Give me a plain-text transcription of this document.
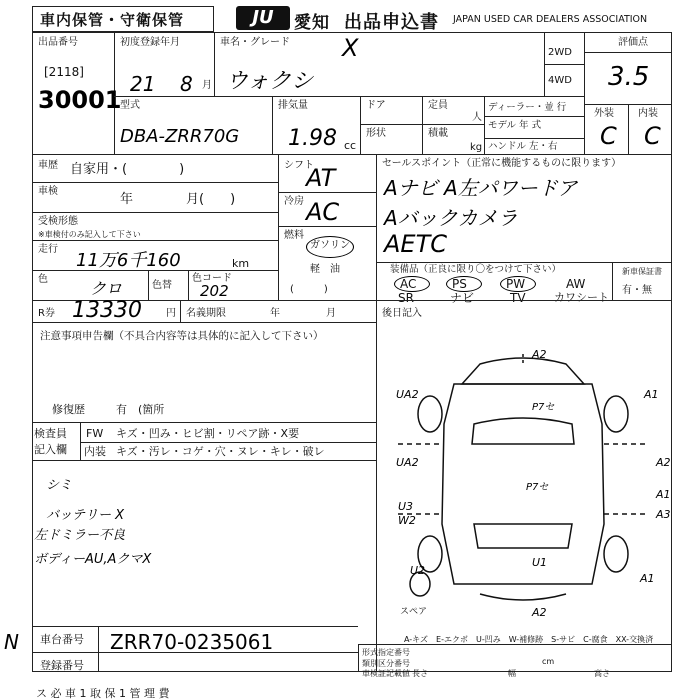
車内保管・守衛保管	JU	愛知 出品申込書 JAPAN USED CAR DEALERS ASSOCIATION
出品番号
[2118]
30001
初度登録年月
21 8 月
車名・グレード X
ウォクシ
2WD
4WD
評価点
3.5
外装 内装
C C
型式
DBA-ZRR70G
排気量
1.98 cc
ドア
形状
定員
人
積載
kg
ディーラー・並 行
モデル 年 式
ハンドル 左・右
車歴 自家用・(　　　　)
車検
年	月(　　)
受検形態
※車検付のみ記入して下さい
走行
11万6千160	km
色	クロ	色替
色コード
202
シフト
AT
冷房 AC
燃料
ガソリン
軽　油
(　　　)
セールスポイント（正常に機能するものに限ります）
Aナビ A左パワードア
Aバックカメラ
AETC
装備品（正良に限り〇をつけて下さい）	新車保証書
有・無
AC	PS	PW	AW
SR	ナビ	TV	カワシート
R券 13330 円 名義期限	年	月	後日記入
注意事項申告欄（不具合内容等は具体的に記入して下さい）
修復歴	有　(箇所
検査員
記入欄
FW キズ・凹み・ヒビ割・リペア跡・X要
内装 キズ・汚レ・コゲ・穴・ヌレ・キレ・破レ
シミ
バッテリー X
左ドミラー不良
ボディーAU,AクマX
A2
UA2	A1
P7セ
UA2	A2
A1
P7セ
U3
W2	A3
U2
U1
A1
A2
スペア
A-キズ　E-エクボ　U-凹み　W-補修跡　S-サビ　C-腐食　XX-交換済
車台番号 ZRR70-0235061
登録番号
形式指定番号
類別区分番号
車検証記載値 長さ	幅	高さ
cm
ス 必 車 1 取 保 1 管 理 費
N
